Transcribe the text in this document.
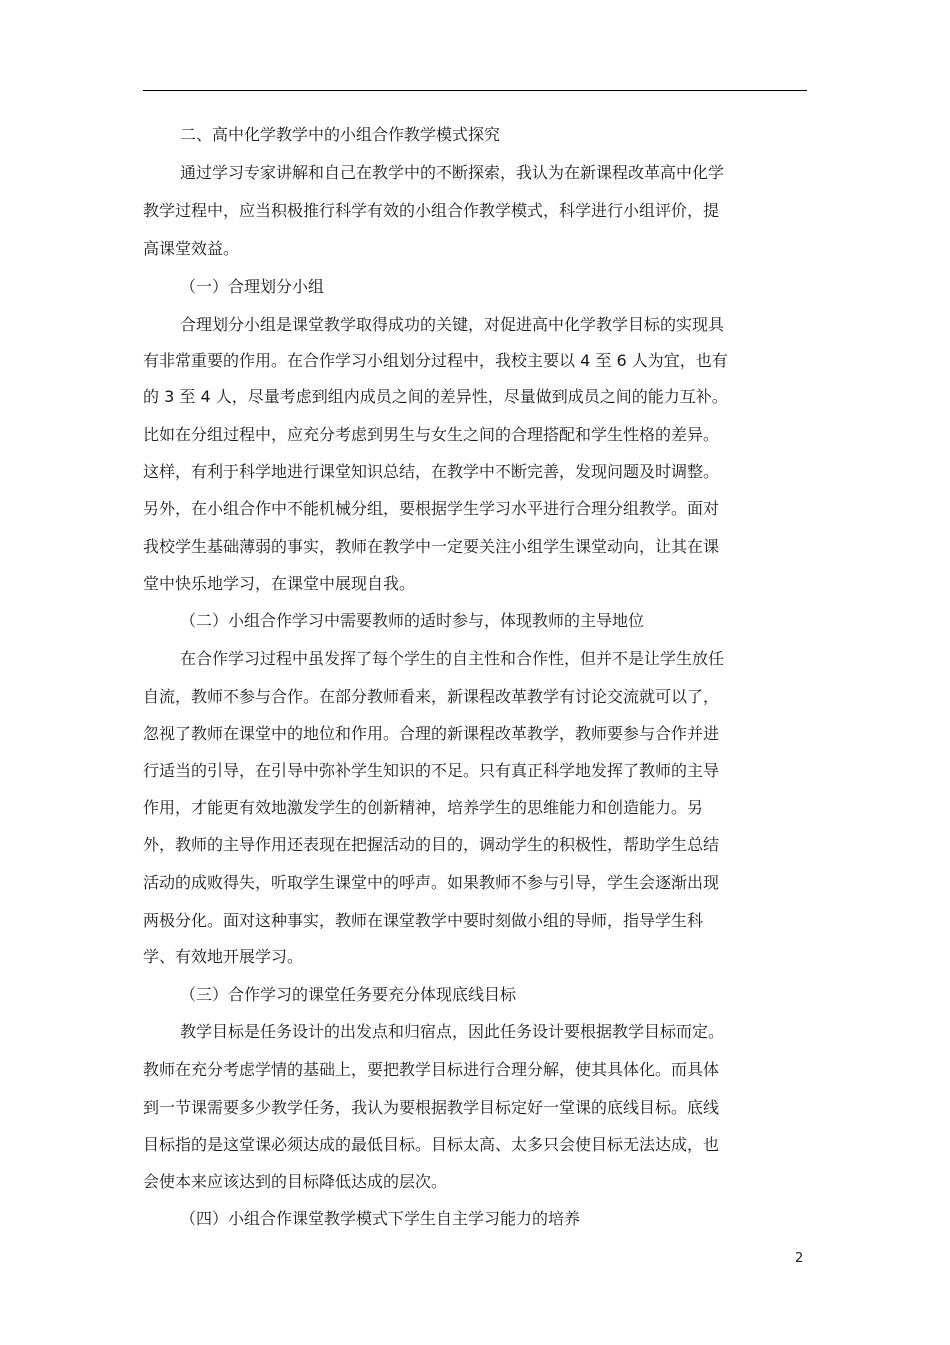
二、高中化学教学中的小组合作教学模式探究
通过学习专家讲解和自己在教学中的不断探索，我认为在新课程改革高中化学
教学过程中，应当积极推行科学有效的小组合作教学模式，科学进行小组评价，提
高课堂效益。
（一）合理划分小组
合理划分小组是课堂教学取得成功的关键，对促进高中化学教学目标的实现具
有非常重要的作用。在合作学习小组划分过程中，我校主要以 4 至 6 人为宜，也有
的 3 至 4 人，尽量考虑到组内成员之间的差异性，尽量做到成员之间的能力互补。
比如在分组过程中，应充分考虑到男生与女生之间的合理搭配和学生性格的差异。
这样，有利于科学地进行课堂知识总结，在教学中不断完善，发现问题及时调整。
另外，在小组合作中不能机械分组，要根据学生学习水平进行合理分组教学。面对
我校学生基础薄弱的事实，教师在教学中一定要关注小组学生课堂动向，让其在课
堂中快乐地学习，在课堂中展现自我。
（二）小组合作学习中需要教师的适时参与，体现教师的主导地位
在合作学习过程中虽发挥了每个学生的自主性和合作性，但并不是让学生放任
自流，教师不参与合作。在部分教师看来，新课程改革教学有讨论交流就可以了，
忽视了教师在课堂中的地位和作用。合理的新课程改革教学，教师要参与合作并进
行适当的引导，在引导中弥补学生知识的不足。只有真正科学地发挥了教师的主导
作用，才能更有效地激发学生的创新精神，培养学生的思维能力和创造能力。另
外，教师的主导作用还表现在把握活动的目的，调动学生的积极性，帮助学生总结
活动的成败得失，听取学生课堂中的呼声。如果教师不参与引导，学生会逐渐出现
两极分化。面对这种事实，教师在课堂教学中要时刻做小组的导师，指导学生科
学、有效地开展学习。
（三）合作学习的课堂任务要充分体现底线目标
教学目标是任务设计的出发点和归宿点，因此任务设计要根据教学目标而定。
教师在充分考虑学情的基础上，要把教学目标进行合理分解，使其具体化。而具体
到一节课需要多少教学任务，我认为要根据教学目标定好一堂课的底线目标。底线
目标指的是这堂课必须达成的最低目标。目标太高、太多只会使目标无法达成，也
会使本来应该达到的目标降低达成的层次。
（四）小组合作课堂教学模式下学生自主学习能力的培养
2
